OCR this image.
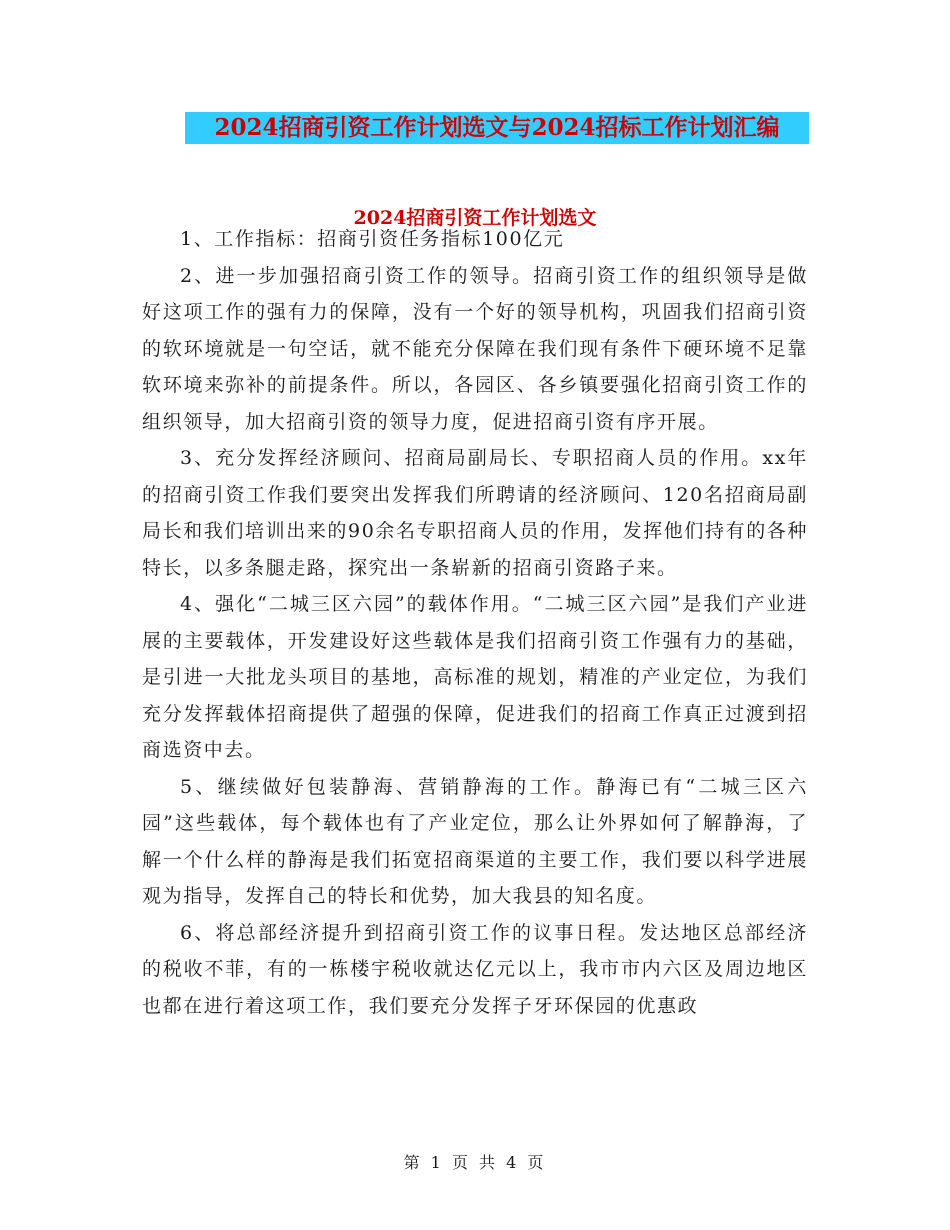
2024招商引资工作计划选文与2024招标工作计划汇编
2024招商引资工作计划选文

1、工作指标：招商引资任务指标100亿元

2、进一步加强招商引资工作的领导。招商引资工作的组织领导是做好这项工作的强有力的保障，没有一个好的领导机构，巩固我们招商引资的软环境就是一句空话，就不能充分保障在我们现有条件下硬环境不足靠软环境来弥补的前提条件。所以，各园区、各乡镇要强化招商引资工作的组织领导，加大招商引资的领导力度，促进招商引资有序开展。

3、充分发挥经济顾问、招商局副局长、专职招商人员的作用。xx年的招商引资工作我们要突出发挥我们所聘请的经济顾问、120名招商局副局长和我们培训出来的90余名专职招商人员的作用，发挥他们持有的各种特长，以多条腿走路，探究出一条崭新的招商引资路子来。

4、强化“二城三区六园”的载体作用。“二城三区六园”是我们产业进展的主要载体，开发建设好这些载体是我们招商引资工作强有力的基础，是引进一大批龙头项目的基地，高标准的规划，精准的产业定位，为我们充分发挥载体招商提供了超强的保障，促进我们的招商工作真正过渡到招商选资中去。

5、继续做好包装静海、营销静海的工作。静海已有“二城三区六园”这些载体，每个载体也有了产业定位，那么让外界如何了解静海，了解一个什么样的静海是我们拓宽招商渠道的主要工作，我们要以科学进展观为指导，发挥自己的特长和优势，加大我县的知名度。

6、将总部经济提升到招商引资工作的议事日程。发达地区总部经济的税收不菲，有的一栋楼宇税收就达亿元以上，我市市内六区及周边地区也都在进行着这项工作，我们要充分发挥子牙环保园的优惠政

第 1 页 共 4 页
